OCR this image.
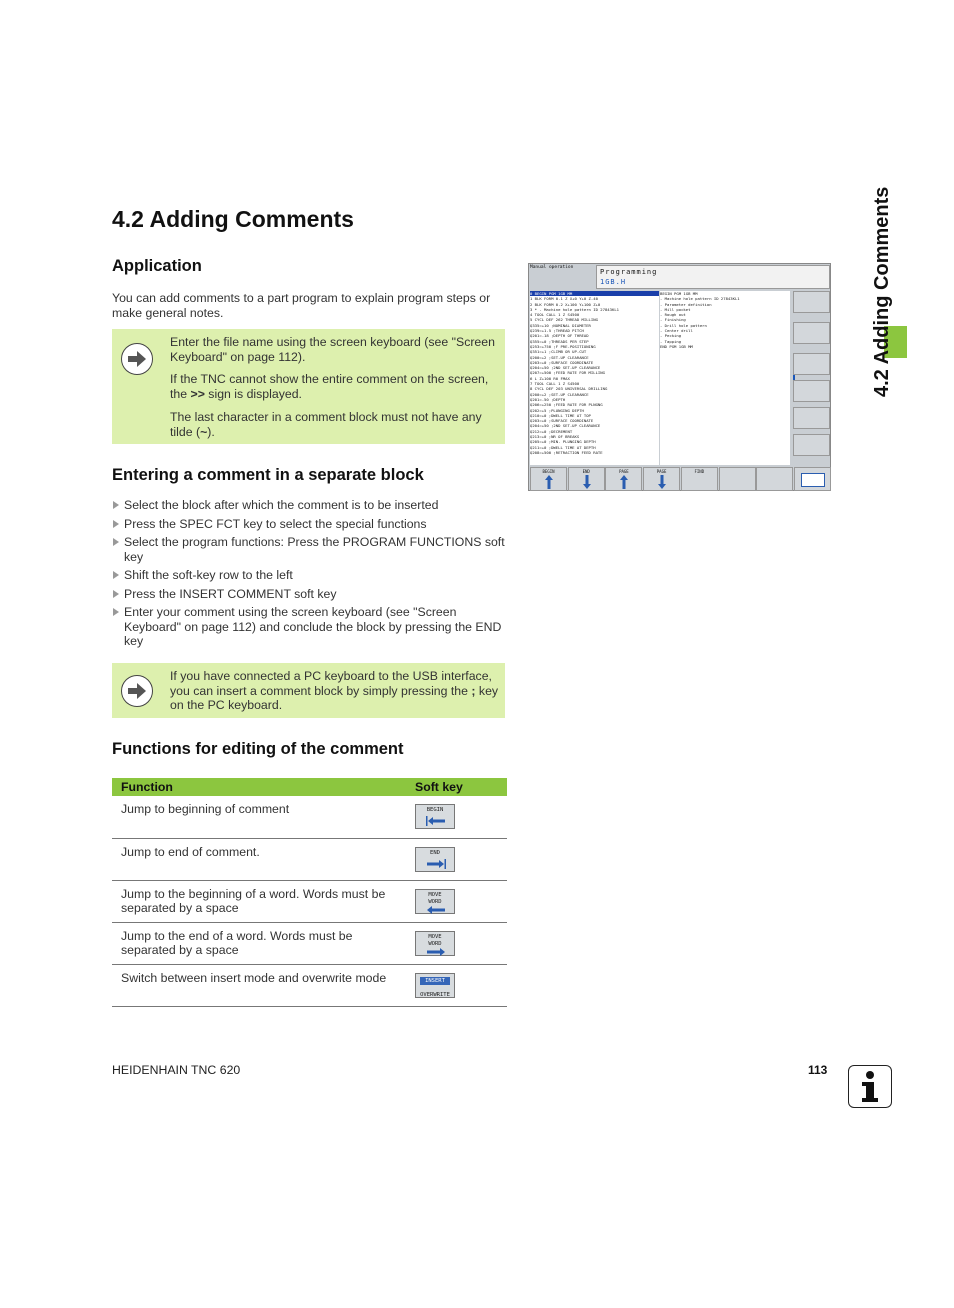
4.2 Adding Comments
Application

You can add comments to a part program to explain program steps or make general notes.	4.2 Adding Comments

Enter the file name using the screen keyboard (see "Screen Keyboard" on page 112).

If the TNC cannot show the entire comment on the screen, the >> sign is displayed.

The last character in a comment block must not have any tilde (~).

Entering a comment in a separate block
Select the block after which the comment is to be inserted
Press the SPEC FCT key to select the special functions
Select the program functions: Press the PROGRAM FUNCTIONS soft key
Shift the soft-key row to the left
Press the INSERT COMMENT soft key
Enter your comment using the screen keyboard (see "Screen Keyboard" on page 112) and conclude the block by pressing the END key

If you have connected a PC keyboard to the USB interface, you can insert a comment block by simply pressing the ; key on the PC keyboard.

Functions for editing of the comment
Function	Soft key
Jump to beginning of comment	BEGIN

Jump to end of comment.	END

Jump to the beginning of a word. Words must be separated by a space	MOVE
WORD

Jump to the end of a word. Words must be separated by a space	MOVE
WORD

Switch between insert mode and overwrite mode	INSERT
OVERWRITE
Manual operation
Programming
1GB.H
0 BEGIN PGM 1GB MM
1 BLK FORM 0.1 Z X+0 Y+0 Z-40
2 BLK FORM 0.2 X+100 Y+100 Z+0
3 * - Machine hole pattern ID 27843KL1
4 TOOL CALL 1 Z S4500
5 CYCL DEF 262 THREAD MILLING
Q335=+10 ;NOMINAL DIAMETER
Q239=+1.5 ;THREAD PITCH
Q201=-18 ;DEPTH OF THREAD
Q355=+0 ;THREADS PER STEP
Q253=+750 ;F PRE-POSITIONING
Q351=+1 ;CLIMB OR UP-CUT
Q200=+2 ;SET-UP CLEARANCE
Q203=+0 ;SURFACE COORDINATE
Q204=+50 ;2ND SET-UP CLEARANCE
Q207=+500 ;FEED RATE FOR MILLING
6 L Z+100 R0 FMAX
7 TOOL CALL 1 Z S4500
8 CYCL DEF 203 UNIVERSAL DRILLING
Q200=+2 ;SET-UP CLEARANCE
Q201=-50 ;DEPTH
Q206=+250 ;FEED RATE FOR PLNGNG
Q202=+5 ;PLUNGING DEPTH
Q210=+0 ;DWELL TIME AT TOP
Q203=+0 ;SURFACE COORDINATE
Q204=+50 ;2ND SET-UP CLEARANCE
Q212=+0 ;DECREMENT
Q213=+0 ;NR OF BREAKS
Q205=+0 ;MIN. PLUNGING DEPTH
Q211=+0 ;DWELL TIME AT DEPTH
Q208=+500 ;RETRACTION FEED RATE
BEGIN PGM 1GB MM
- Machine hole pattern ID 27843KL1
- Parameter definition
- Mill pocket
- Rough out
- Finishing
- Drill hole pattern
- Center drill
- Pecking
- Tapping
END PGM 1GB MM
BEGIN	END	PAGE	PAGE	FIND
HEIDENHAIN TNC 620	113
